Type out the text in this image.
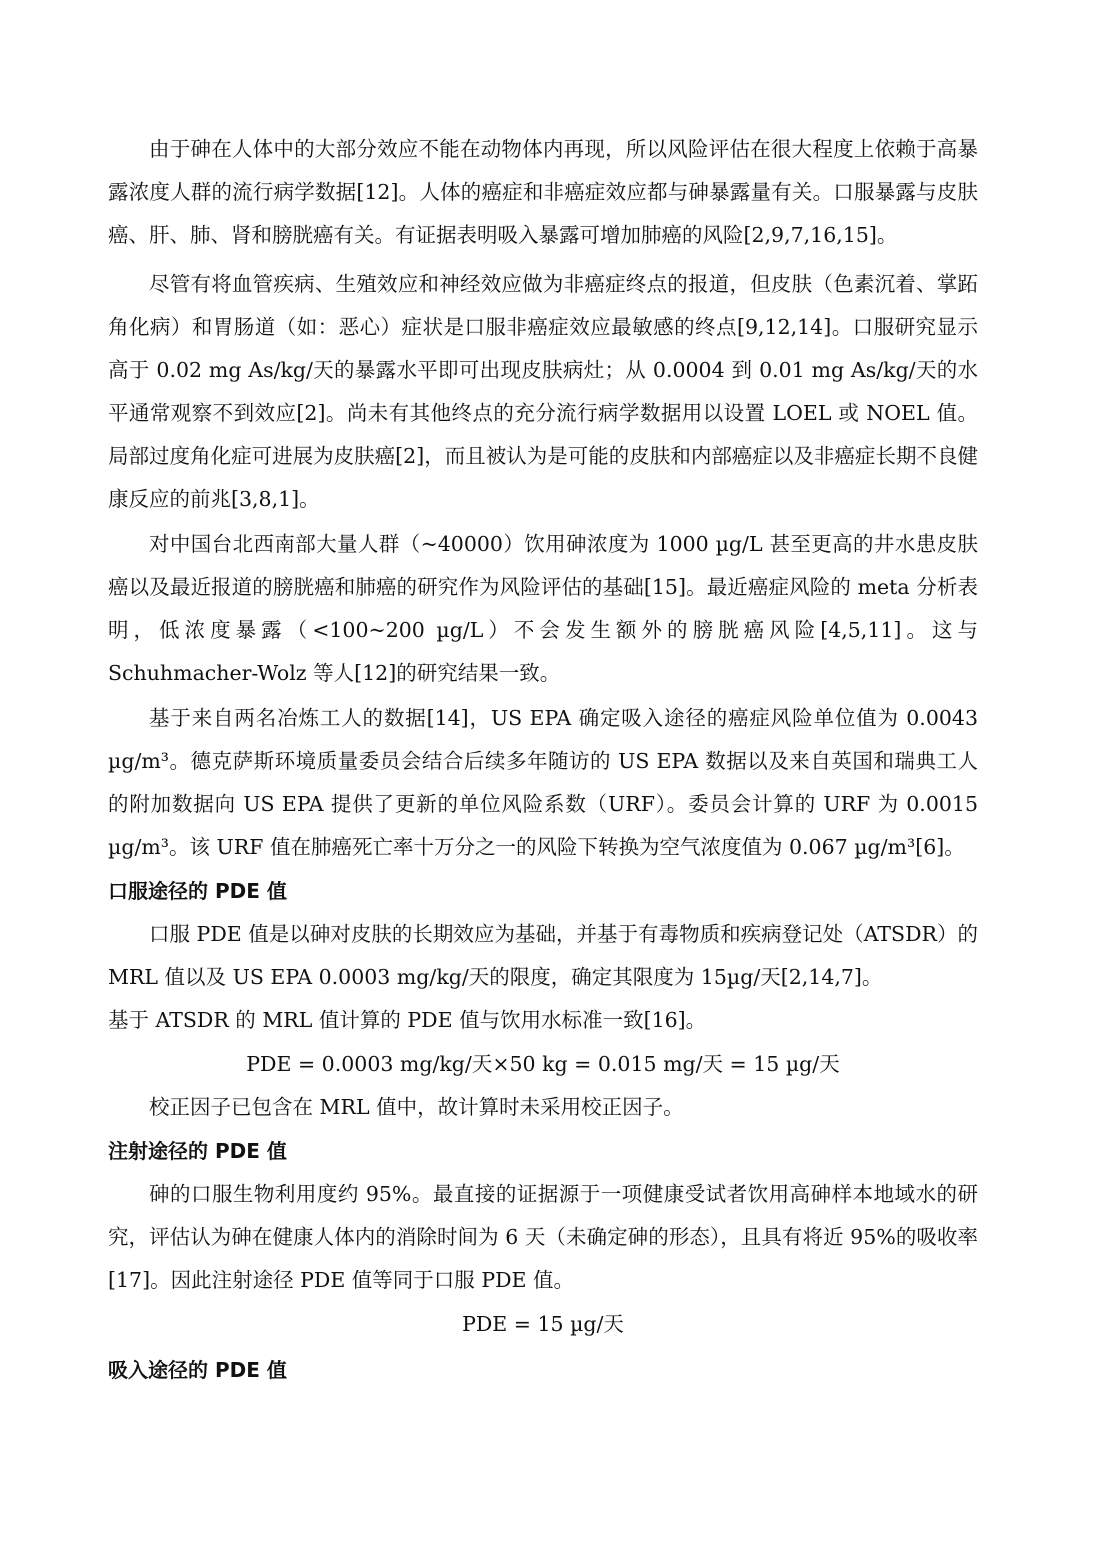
由于砷在人体中的大部分效应不能在动物体内再现，所以风险评估在很大程度上依赖于高暴露浓度人群的流行病学数据[12]。人体的癌症和非癌症效应都与砷暴露量有关。口服暴露与皮肤癌、肝、肺、肾和膀胱癌有关。有证据表明吸入暴露可增加肺癌的风险[2,9,7,16,15]。

尽管有将血管疾病、生殖效应和神经效应做为非癌症终点的报道，但皮肤（色素沉着、掌跖角化病）和胃肠道（如：恶心）症状是口服非癌症效应最敏感的终点[9,12,14]。口服研究显示高于 0.02 mg As/kg/天的暴露水平即可出现皮肤病灶；从 0.0004 到 0.01 mg As/kg/天的水平通常观察不到效应[2]。尚未有其他终点的充分流行病学数据用以设置 LOEL 或 NOEL 值。局部过度角化症可进展为皮肤癌[2]，而且被认为是可能的皮肤和内部癌症以及非癌症长期不良健康反应的前兆[3,8,1]。

对中国台北西南部大量人群（~40000）饮用砷浓度为 1000 µg/L 甚至更高的井水患皮肤癌以及最近报道的膀胱癌和肺癌的研究作为风险评估的基础[15]。最近癌症风险的 meta 分析表明，低浓度暴露（<100~200 µg/L）不会发生额外的膀胱癌风险[4,5,11]。这与 Schuhmacher-Wolz 等人[12]的研究结果一致。

基于来自两名冶炼工人的数据[14]，US EPA 确定吸入途径的癌症风险单位值为 0.0043 µg/m³。德克萨斯环境质量委员会结合后续多年随访的 US EPA 数据以及来自英国和瑞典工人的附加数据向 US EPA 提供了更新的单位风险系数（URF）。委员会计算的 URF 为 0.0015 µg/m³。该 URF 值在肺癌死亡率十万分之一的风险下转换为空气浓度值为 0.067 µg/m³[6]。

口服途径的 PDE 值

口服 PDE 值是以砷对皮肤的长期效应为基础，并基于有毒物质和疾病登记处（ATSDR）的 MRL 值以及 US EPA 0.0003 mg/kg/天的限度，确定其限度为 15µg/天[2,14,7]。

基于 ATSDR 的 MRL 值计算的 PDE 值与饮用水标准一致[16]。

PDE = 0.0003 mg/kg/天×50 kg = 0.015 mg/天 = 15 µg/天

校正因子已包含在 MRL 值中，故计算时未采用校正因子。

注射途径的 PDE 值

砷的口服生物利用度约 95%。最直接的证据源于一项健康受试者饮用高砷样本地域水的研究，评估认为砷在健康人体内的消除时间为 6 天（未确定砷的形态），且具有将近 95%的吸收率[17]。因此注射途径 PDE 值等同于口服 PDE 值。

PDE = 15 µg/天

吸入途径的 PDE 值
